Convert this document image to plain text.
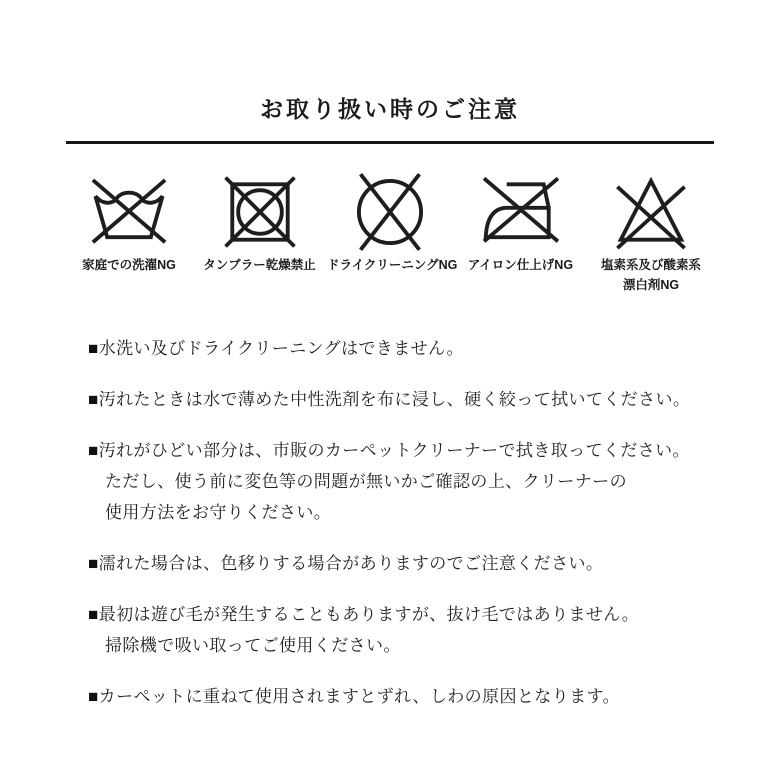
お取り扱い時のご注意
家庭での洗濯NG	タンブラー乾燥禁止 ドライクリーニングNG アイロン仕上げNG	塩素系及び酸素系
漂白剤NG
■水洗い及びドライクリーニングはできません。
■汚れたときは水で薄めた中性洗剤を布に浸し、硬く絞って拭いてください。
■汚れがひどい部分は、市販のカーペットクリーナーで拭き取ってください。
ただし、使う前に変色等の問題が無いかご確認の上、クリーナーの
使用方法をお守りください。
■濡れた場合は、色移りする場合がありますのでご注意ください。
■最初は遊び毛が発生することもありますが、抜け毛ではありません。
掃除機で吸い取ってご使用ください。
■カーペットに重ねて使用されますとずれ、しわの原因となります。
